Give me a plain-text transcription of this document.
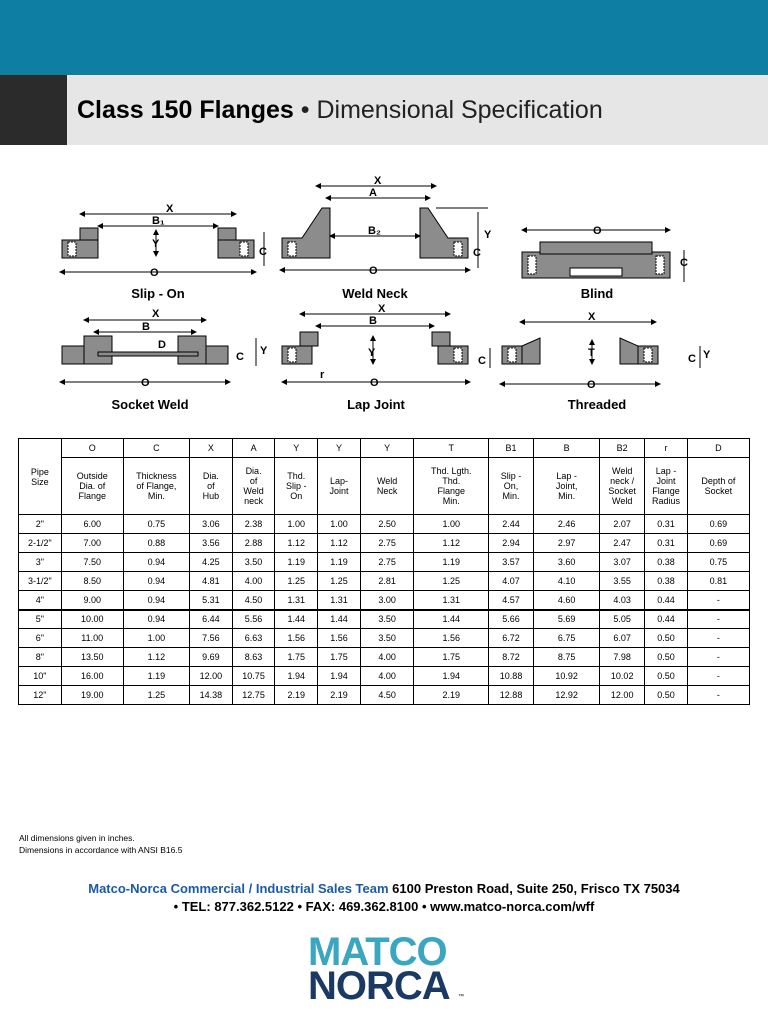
Class 150 Flanges • Dimensional Specification
X
B₁
Y
C
O
X
A
B₂	Y
C
O
O
C
X
B
D
C Y
O
X
B
Y
C
r
O
X
T	C Y
O
Slip - On	Weld Neck	Blind
Socket Weld	Lap Joint	Threaded
Pipe
Size	O	C	X	A	Y	Y	Y	T	B1	B	B2	r	D
	Outside
Dia. of
Flange	Thickness
of Flange,
Min.	Dia.
of
Hub	Dia.
of
Weld
neck	Thd.
Slip -
On	Lap-
Joint	Weld
Neck	Thd. Lgth.
Thd.
Flange
Min.	Slip -
On,
Min.	Lap -
Joint,
Min.	Weld
neck /
Socket
Weld	Lap -
Joint
Flange
Radius	Depth of
Socket
2"	6.00	0.75	3.06	2.38	1.00	1.00	2.50	1.00	2.44	2.46	2.07	0.31	0.69
2-1/2"	7.00	0.88	3.56	2.88	1.12	1.12	2.75	1.12	2.94	2.97	2.47	0.31	0.69
3"	7.50	0.94	4.25	3.50	1.19	1.19	2.75	1.19	3.57	3.60	3.07	0.38	0.75
3-1/2"	8.50	0.94	4.81	4.00	1.25	1.25	2.81	1.25	4.07	4.10	3.55	0.38	0.81
4"	9.00	0.94	5.31	4.50	1.31	1.31	3.00	1.31	4.57	4.60	4.03	0.44	-
5"	10.00	0.94	6.44	5.56	1.44	1.44	3.50	1.44	5.66	5.69	5.05	0.44	-
6"	11.00	1.00	7.56	6.63	1.56	1.56	3.50	1.56	6.72	6.75	6.07	0.50	-
8"	13.50	1.12	9.69	8.63	1.75	1.75	4.00	1.75	8.72	8.75	7.98	0.50	-
10"	16.00	1.19	12.00	10.75	1.94	1.94	4.00	1.94	10.88	10.92	10.02	0.50	-
12"	19.00	1.25	14.38	12.75	2.19	2.19	4.50	2.19	12.88	12.92	12.00	0.50	-
All dimensions given in inches.
Dimensions in accordance with ANSI B16.5
Matco-Norca Commercial / Industrial Sales Team 6100 Preston Road, Suite 250, Frisco TX 75034
• TEL: 877.362.5122 • FAX: 469.362.8100 • www.matco-norca.com/wff
MATCO
NORCA ™
